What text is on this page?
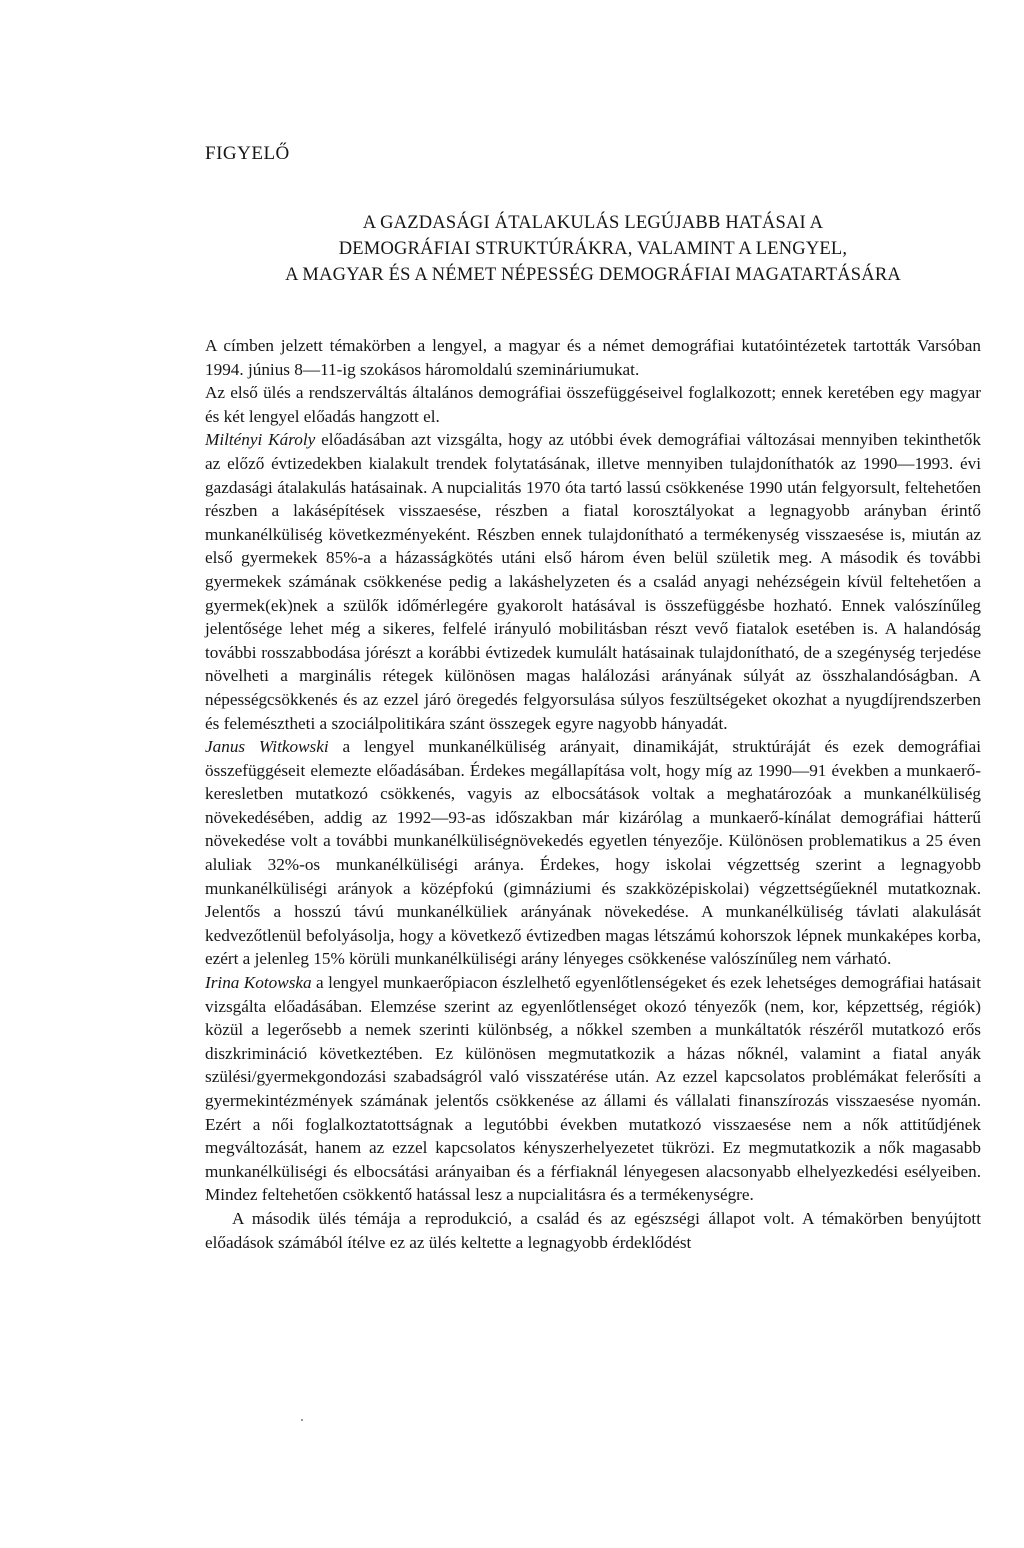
FIGYELŐ
A GAZDASÁGI ÁTALAKULÁS LEGÚJABB HATÁSAI A
DEMOGRÁFIAI STRUKTÚRÁKRA, VALAMINT A LENGYEL,
A MAGYAR ÉS A NÉMET NÉPESSÉG DEMOGRÁFIAI MAGATARTÁSÁRA

A címben jelzett témakörben a lengyel, a magyar és a német demográfiai kutatóintézetek tartották Varsóban 1994. június 8—11-ig szokásos háromoldalú szemináriumukat.

Az első ülés a rendszerváltás általános demográfiai összefüggéseivel foglalkozott; ennek keretében egy magyar és két lengyel előadás hangzott el.

Miltényi Károly előadásában azt vizsgálta, hogy az utóbbi évek demográfiai változásai mennyiben tekinthetők az előző évtizedekben kialakult trendek folytatásának, illetve mennyiben tulajdoníthatók az 1990—1993. évi gazdasági átalakulás hatásainak. A nupcialitás 1970 óta tartó lassú csökkenése 1990 után felgyorsult, feltehetően részben a lakásépítések visszaesése, részben a fiatal korosztályokat a legnagyobb arányban érintő munkanélküliség következményeként. Részben ennek tulajdonítható a termékenység visszaesése is, miután az első gyermekek 85%-a a házasságkötés utáni első három éven belül születik meg. A második és további gyermekek számának csökkenése pedig a lakáshelyzeten és a család anyagi nehézségein kívül feltehetően a gyermek(ek)nek a szülők időmérlegére gyakorolt hatásával is összefüggésbe hozható. Ennek valószínűleg jelentősége lehet még a sikeres, felfelé irányuló mobilitásban részt vevő fiatalok esetében is. A halandóság további rosszabbodása jórészt a korábbi évtizedek kumulált hatásainak tulajdonítható, de a szegénység terjedése növelheti a marginális rétegek különösen magas halálozási arányának súlyát az összhalandóságban. A népességcsökkenés és az ezzel járó öregedés felgyorsulása súlyos feszültségeket okozhat a nyugdíjrendszerben és felemésztheti a szociálpolitikára szánt összegek egyre nagyobb hányadát.

Janus Witkowski a lengyel munkanélküliség arányait, dinamikáját, struktúráját és ezek demográfiai összefüggéseit elemezte előadásában. Érdekes megállapítása volt, hogy míg az 1990—91 években a munkaerő-keresletben mutatkozó csökkenés, vagyis az elbocsátások voltak a meghatározóak a munkanélküliség növekedésében, addig az 1992—93-as időszakban már kizárólag a munkaerő-kínálat demográfiai hátterű növekedése volt a további munkanélküliségnövekedés egyetlen tényezője. Különösen problematikus a 25 éven aluliak 32%-os munkanélküliségi aránya. Érdekes, hogy iskolai végzettség szerint a legnagyobb munkanélküliségi arányok a középfokú (gimnáziumi és szakközépiskolai) végzettségűeknél mutatkoznak. Jelentős a hosszú távú munkanélküliek arányának növekedése. A munkanélküliség távlati alakulását kedvezőtlenül befolyásolja, hogy a következő évtizedben magas létszámú kohorszok lépnek munkaképes korba, ezért a jelenleg 15% körüli munkanélküliségi arány lényeges csökkenése valószínűleg nem várható.

Irina Kotowska a lengyel munkaerőpiacon észlelhető egyenlőtlenségeket és ezek lehetséges demográfiai hatásait vizsgálta előadásában. Elemzése szerint az egyenlőtlenséget okozó tényezők (nem, kor, képzettség, régiók) közül a legerősebb a nemek szerinti különbség, a nőkkel szemben a munkáltatók részéről mutatkozó erős diszkrimináció következtében. Ez különösen megmutatkozik a házas nőknél, valamint a fiatal anyák szülési/gyermekgondozási szabadságról való visszatérése után. Az ezzel kapcsolatos problémákat felerősíti a gyermekintézmények számának jelentős csökkenése az állami és vállalati finanszírozás visszaesése nyomán. Ezért a női foglalkoztatottságnak a legutóbbi években mutatkozó visszaesése nem a nők attitűdjének megváltozását, hanem az ezzel kapcsolatos kényszerhelyezetet tükrözi. Ez megmutatkozik a nők magasabb munkanélküliségi és elbocsátási arányaiban és a férfiaknál lényegesen alacsonyabb elhelyezkedési esélyeiben. Mindez feltehetően csökkentő hatással lesz a nupcialitásra és a termékenységre.

A második ülés témája a reprodukció, a család és az egészségi állapot volt. A témakörben benyújtott előadások számából ítélve ez az ülés keltette a legnagyobb érdeklődést
